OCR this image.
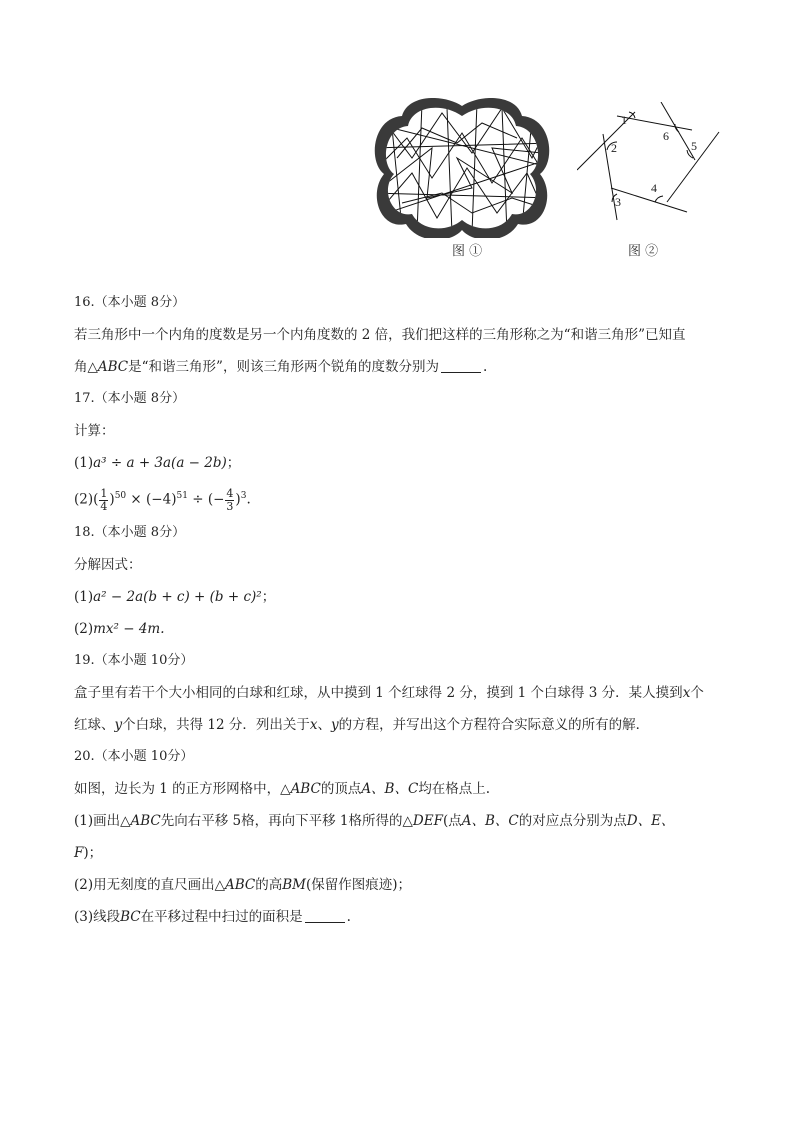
图 ①
1
2
3
4
5
6
图 ②

16.（本小题 8分）

若三角形中一个内角的度数是另一个内角度数的 2 倍，我们把这样的三角形称之为“和谐三角形”已知直

角△ABC是“和谐三角形”，则该三角形两个锐角的度数分别为	.

17.（本小题 8分）

计算：

(1)a³ ÷ a + 3a(a − 2b)；

$(2)( \frac{1}{4} )^{50} \times (-4)^{51}$ ÷ (− $\frac{4}{3} )^3$.

18.（本小题 8分）

分解因式：

(1)a² − 2a(b + c) + (b + c)²；

(2)mx² − 4m.

19.（本小题 10分）

盒子里有若干个大小相同的白球和红球，从中摸到 1 个红球得 2 分，摸到 1 个白球得 3 分．某人摸到x个

红球、y个白球，共得 12 分．列出关于x、y的方程，并写出这个方程符合实际意义的所有的解．

20.（本小题 10分）

如图，边长为 1 的正方形网格中，△ABC的顶点A、B、C均在格点上.

(1)画出△ABC先向右平移 5格，再向下平移 1格所得的△DEF(点A、B、C的对应点分别为点D、E、

F)；

(2)用无刻度的直尺画出△ABC的高BM(保留作图痕迹)；

(3)线段BC在平移过程中扫过的面积是	.
